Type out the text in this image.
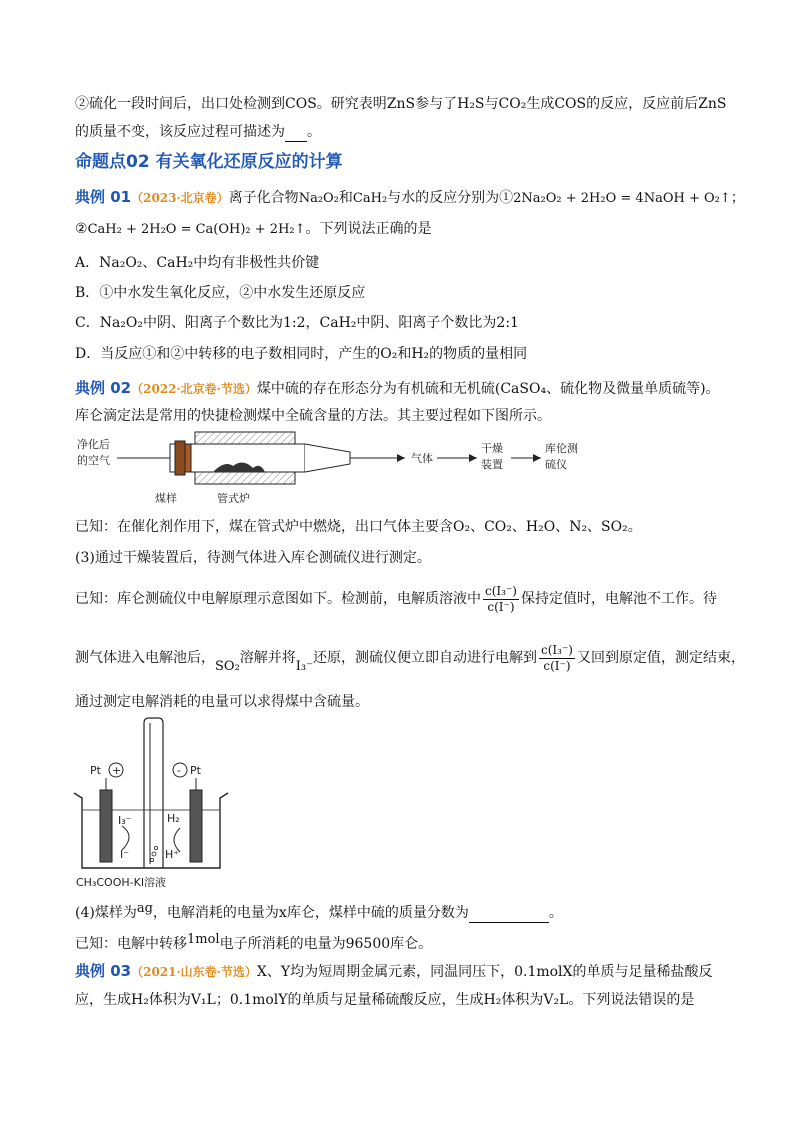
②硫化一段时间后，出口处检测到COS。研究表明ZnS参与了H₂S与CO₂生成COS的反应，反应前后ZnS
的质量不变，该反应过程可描述为 。
命题点02 有关氧化还原反应的计算
典例 01（2023·北京卷）离子化合物Na₂O₂和CaH₂与水的反应分别为①2Na₂O₂ + 2H₂O = 4NaOH + O₂↑；
②CaH₂ + 2H₂O = Ca(OH)₂ + 2H₂↑。下列说法正确的是
A．Na₂O₂、CaH₂中均有非极性共价键
B．①中水发生氧化反应，②中水发生还原反应
C．Na₂O₂中阴、阳离子个数比为1:2，CaH₂中阴、阳离子个数比为2:1
D．当反应①和②中转移的电子数相同时，产生的O₂和H₂的物质的量相同
典例 02（2022·北京卷·节选）煤中硫的存在形态分为有机硫和无机硫(CaSO₄、硫化物及微量单质硫等)。
库仑滴定法是常用的快捷检测煤中全硫含量的方法。其主要过程如下图所示。
净化后
的空气	气体
干燥
装置
库伦测
硫仪
煤样	管式炉
已知：在催化剂作用下，煤在管式炉中燃烧，出口气体主要含O₂、CO₂、H₂O、N₂、SO₂。
(3)通过干燥装置后，待测气体进入库仑测硫仪进行测定。
已知：库仑测硫仪中电解原理示意图如下。检测前，电解质溶液中 $\frac{\text{c(I₃⁻)}}{c(I^-)}$ 保持定值时，电解池不工作。待
测气体进入电解池后，SO₂溶解并将I₃⁻还原，测硫仪便立即自动进行电解到 $\frac{\text{c(I₃⁻)}}{c(I^-)}$ 又回到原定值，测定结束，
通过测定电解消耗的电量可以求得煤中含硫量。
Pt +	- Pt
I₃⁻
I⁻
H₂
H⁺
CH₃COOH-KI溶液
(4)煤样为ag，电解消耗的电量为x库仑，煤样中硫的质量分数为	。
已知：电解中转移1mol电子所消耗的电量为96500库仑。
典例 03（2021·山东卷·节选）X、Y均为短周期金属元素，同温同压下，0.1molX的单质与足量稀盐酸反
应，生成H₂体积为V₁L；0.1molY的单质与足量稀硫酸反应，生成H₂体积为V₂L。下列说法错误的是
